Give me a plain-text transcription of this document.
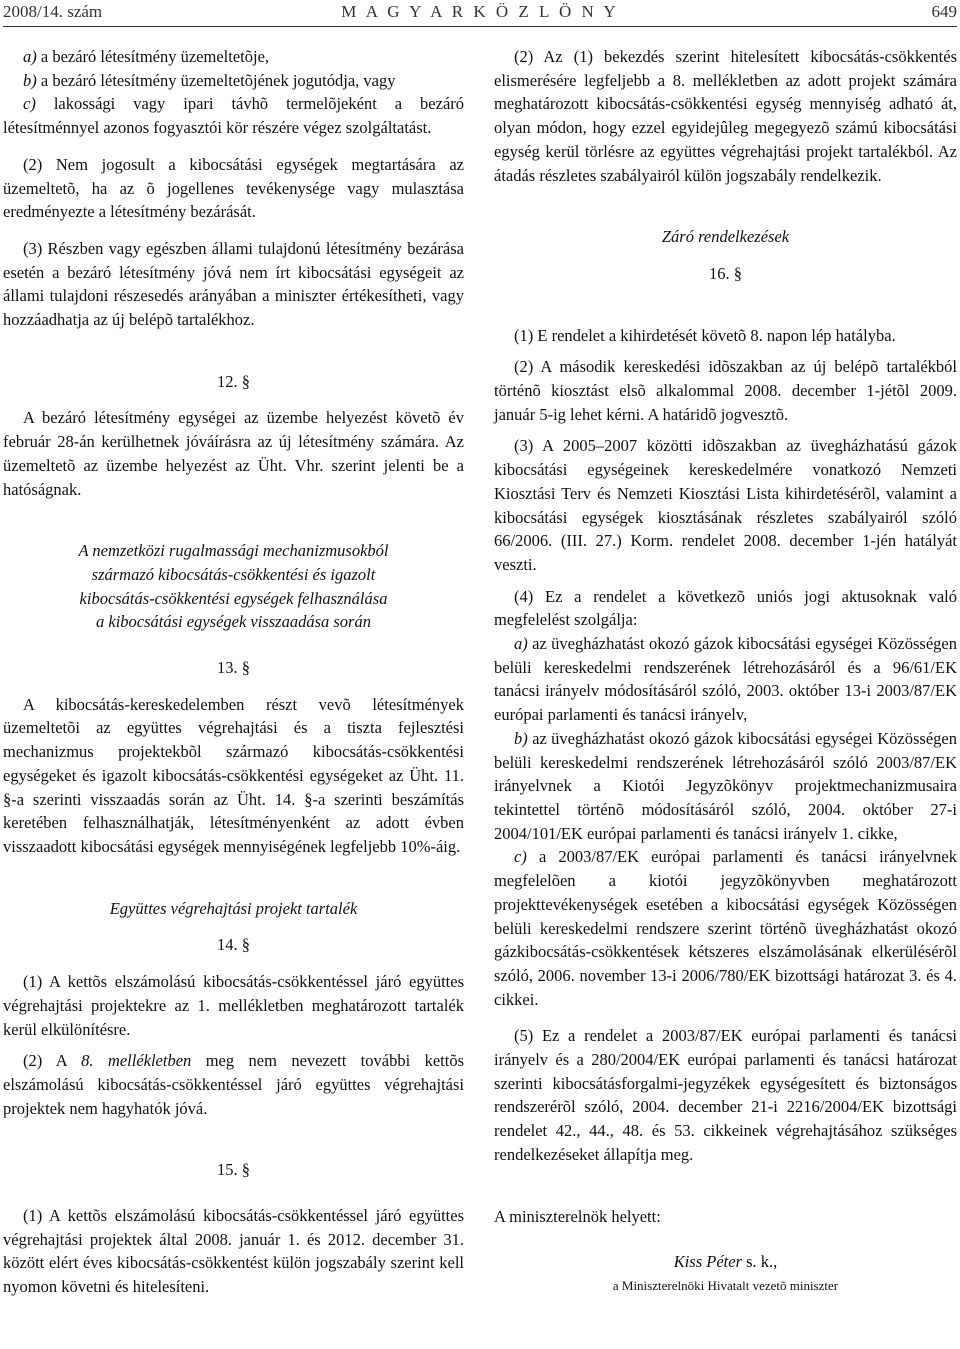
2008/14. szám	M A G Y A R K Ö Z L Ö N Y	649

a) a bezáró létesítmény üzemeltetõje,

b) a bezáró létesítmény üzemeltetõjének jogutódja, vagy

c) lakossági vagy ipari távhõ termelõjeként a bezáró létesítménnyel azonos fogyasztói kör részére végez szolgáltatást.

(2) Nem jogosult a kibocsátási egységek megtartására az üzemeltetõ, ha az õ jogellenes tevékenysége vagy mulasztása eredményezte a létesítmény bezárását.

(3) Részben vagy egészben állami tulajdonú létesítmény bezárása esetén a bezáró létesítmény jóvá nem írt kibocsátási egységeit az állami tulajdoni részesedés arányában a miniszter értékesítheti, vagy hozzáadhatja az új belépõ tartalékhoz.

12. §

A bezáró létesítmény egységei az üzembe helyezést követõ év február 28-án kerülhetnek jóváírásra az új létesítmény számára. Az üzemeltetõ az üzembe helyezést az Üht. Vhr. szerint jelenti be a hatóságnak.

A nemzetközi rugalmassági mechanizmusokból

származó kibocsátás-csökkentési és igazolt

kibocsátás-csökkentési egységek felhasználása

a kibocsátási egységek visszaadása során

13. §

A kibocsátás-kereskedelemben részt vevõ létesítmények üzemeltetõi az együttes végrehajtási és a tiszta fejlesztési mechanizmus projektekbõl származó kibocsátás-csökkentési egységeket és igazolt kibocsátás-csökkentési egységeket az Üht. 11. §-a szerinti visszaadás során az Üht. 14. §-a szerinti beszámítás keretében felhasználhatják, létesítményenként az adott évben visszaadott kibocsátási egységek mennyiségének legfeljebb 10%-áig.

Együttes végrehajtási projekt tartalék

14. §

(1) A kettõs elszámolású kibocsátás-csökkentéssel járó együttes végrehajtási projektekre az 1. mellékletben meghatározott tartalék kerül elkülönítésre.

(2) A 8. mellékletben meg nem nevezett további kettõs elszámolású kibocsátás-csökkentéssel járó együttes végrehajtási projektek nem hagyhatók jóvá.

15. §

(1) A kettõs elszámolású kibocsátás-csökkentéssel járó együttes végrehajtási projektek által 2008. január 1. és 2012. december 31. között elért éves kibocsátás-csökkentést külön jogszabály szerint kell nyomon követni és hitelesíteni.

(2) Az (1) bekezdés szerint hitelesített kibocsátás-csökkentés elismerésére legfeljebb a 8. mellékletben az adott projekt számára meghatározott kibocsátás-csökkentési egység mennyiség adható át, olyan módon, hogy ezzel egyidejûleg megegyezõ számú kibocsátási egység kerül törlésre az együttes végrehajtási projekt tartalékból. Az átadás részletes szabályairól külön jogszabály rendelkezik.

Záró rendelkezések

16. §

(1) E rendelet a kihirdetését követõ 8. napon lép hatályba.

(2) A második kereskedési idõszakban az új belépõ tartalékból történõ kiosztást elsõ alkalommal 2008. december 1-jétõl 2009. január 5-ig lehet kérni. A határidõ jogvesztõ.

(3) A 2005–2007 közötti idõszakban az üvegházhatású gázok kibocsátási egységeinek kereskedelmére vonatkozó Nemzeti Kiosztási Terv és Nemzeti Kiosztási Lista kihirdetésérõl, valamint a kibocsátási egységek kiosztásának részletes szabályairól szóló 66/2006. (III. 27.) Korm. rendelet 2008. december 1-jén hatályát veszti.

(4) Ez a rendelet a következõ uniós jogi aktusoknak való megfelelést szolgálja:

a) az üvegházhatást okozó gázok kibocsátási egységei Közösségen belüli kereskedelmi rendszerének létrehozásáról és a 96/61/EK tanácsi irányelv módosításáról szóló, 2003. október 13-i 2003/87/EK európai parlamenti és tanácsi irányelv,

b) az üvegházhatást okozó gázok kibocsátási egységei Közösségen belüli kereskedelmi rendszerének létrehozásáról szóló 2003/87/EK irányelvnek a Kiotói Jegyzõkönyv projektmechanizmusaira tekintettel történõ módosításáról szóló, 2004. október 27-i 2004/101/EK európai parlamenti és tanácsi irányelv 1. cikke,

c) a 2003/87/EK európai parlamenti és tanácsi irányelvnek megfelelõen a kiotói jegyzõkönyvben meghatározott projekttevékenységek esetében a kibocsátási egységek Közösségen belüli kereskedelmi rendszere szerint történõ üvegházhatást okozó gázkibocsátás-csökkentések kétszeres elszámolásának elkerülésérõl szóló, 2006. november 13-i 2006/780/EK bizottsági határozat 3. és 4. cikkei.

(5) Ez a rendelet a 2003/87/EK európai parlamenti és tanácsi irányelv és a 280/2004/EK európai parlamenti és tanácsi határozat szerinti kibocsátásforgalmi-jegyzékek egységesített és biztonságos rendszerérõl szóló, 2004. december 21-i 2216/2004/EK bizottsági rendelet 42., 44., 48. és 53. cikkeinek végrehajtásához szükséges rendelkezéseket állapítja meg.

A miniszterelnök helyett:

Kiss Péter s. k.,
a Miniszterelnöki Hivatalt vezetõ miniszter
